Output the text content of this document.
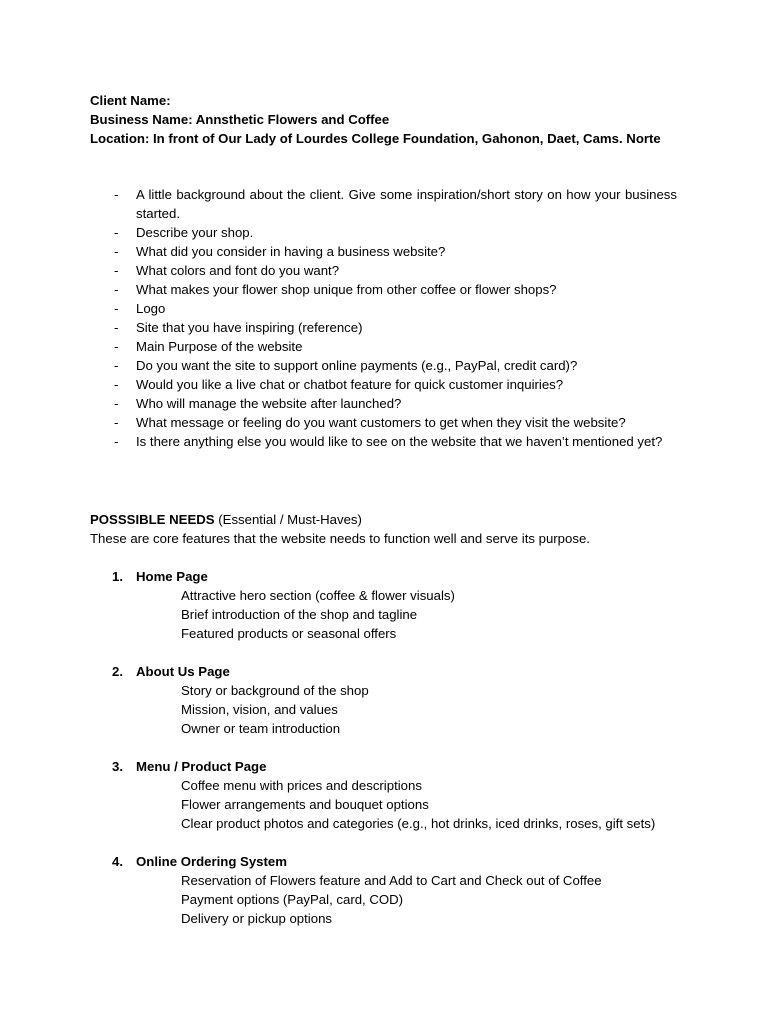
Client Name:

Business Name: Annsthetic Flowers and Coffee

Location: In front of Our Lady of Lourdes College Foundation, Gahonon, Daet, Cams. Norte

- A little background about the client. Give some inspiration/short story on how your business started.
- Describe your shop.
- What did you consider in having a business website?
- What colors and font do you want?
- What makes your flower shop unique from other coffee or flower shops?
- Logo
- Site that you have inspiring (reference)
- Main Purpose of the website
- Do you want the site to support online payments (e.g., PayPal, credit card)?
- Would you like a live chat or chatbot feature for quick customer inquiries?
- Who will manage the website after launched?
- What message or feeling do you want customers to get when they visit the website?
- Is there anything else you would like to see on the website that we haven’t mentioned yet?

POSSSIBLE NEEDS (Essential / Must-Haves)

These are core features that the website needs to function well and serve its purpose.

1. Home Page
Attractive hero section (coffee & flower visuals)
Brief introduction of the shop and tagline
Featured products or seasonal offers
2. About Us Page
Story or background of the shop
Mission, vision, and values
Owner or team introduction
3. Menu / Product Page
Coffee menu with prices and descriptions
Flower arrangements and bouquet options
Clear product photos and categories (e.g., hot drinks, iced drinks, roses, gift sets)
4. Online Ordering System
Reservation of Flowers feature and Add to Cart and Check out of Coffee
Payment options (PayPal, card, COD)
Delivery or pickup options
